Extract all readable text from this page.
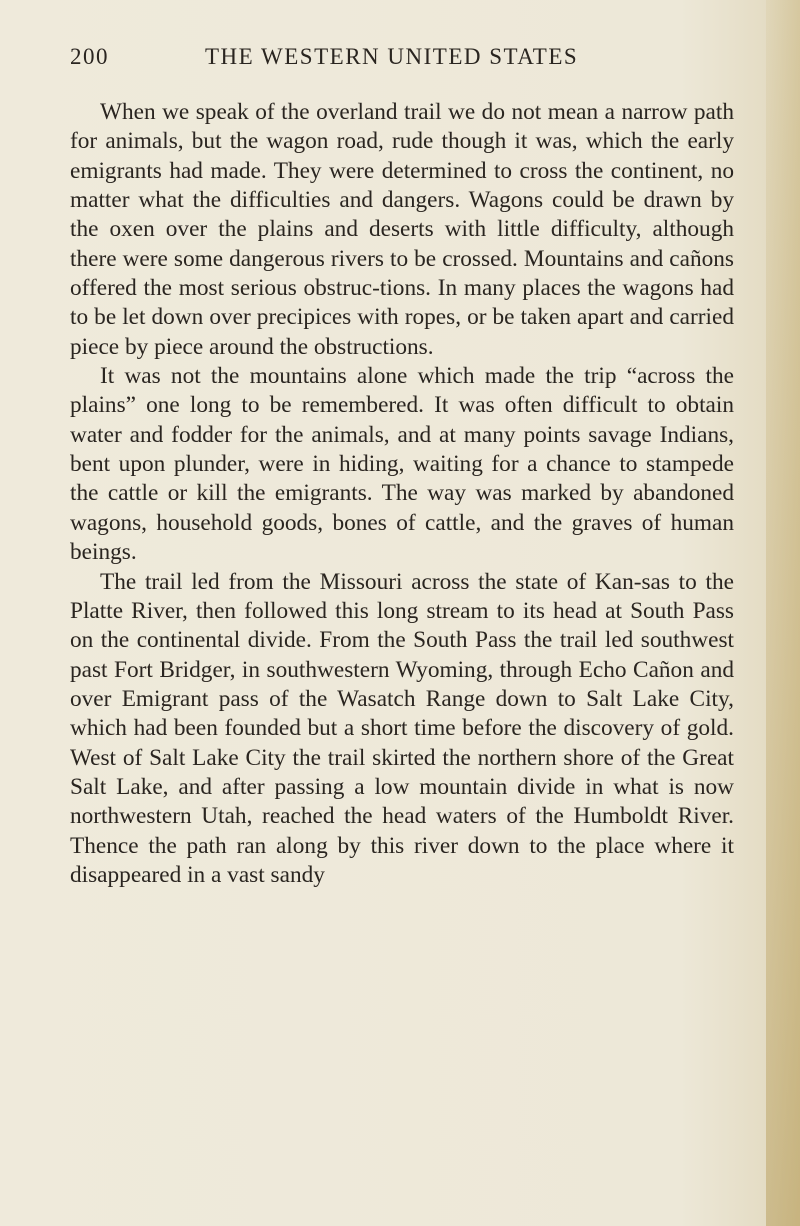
200	THE WESTERN UNITED STATES

When we speak of the overland trail we do not mean a narrow path for animals, but the wagon road, rude though it was, which the early emigrants had made. They were determined to cross the continent, no matter what the difficulties and dangers. Wagons could be drawn by the oxen over the plains and deserts with little difficulty, although there were some dangerous rivers to be crossed. Mountains and cañons offered the most serious obstruc-tions. In many places the wagons had to be let down over precipices with ropes, or be taken apart and carried piece by piece around the obstructions.

It was not the mountains alone which made the trip “across the plains” one long to be remembered. It was often difficult to obtain water and fodder for the animals, and at many points savage Indians, bent upon plunder, were in hiding, waiting for a chance to stampede the cattle or kill the emigrants. The way was marked by abandoned wagons, household goods, bones of cattle, and the graves of human beings.

The trail led from the Missouri across the state of Kan-sas to the Platte River, then followed this long stream to its head at South Pass on the continental divide. From the South Pass the trail led southwest past Fort Bridger, in southwestern Wyoming, through Echo Cañon and over Emigrant pass of the Wasatch Range down to Salt Lake City, which had been founded but a short time before the discovery of gold. West of Salt Lake City the trail skirted the northern shore of the Great Salt Lake, and after passing a low mountain divide in what is now northwestern Utah, reached the head waters of the Humboldt River. Thence the path ran along by this river down to the place where it disappeared in a vast sandy
